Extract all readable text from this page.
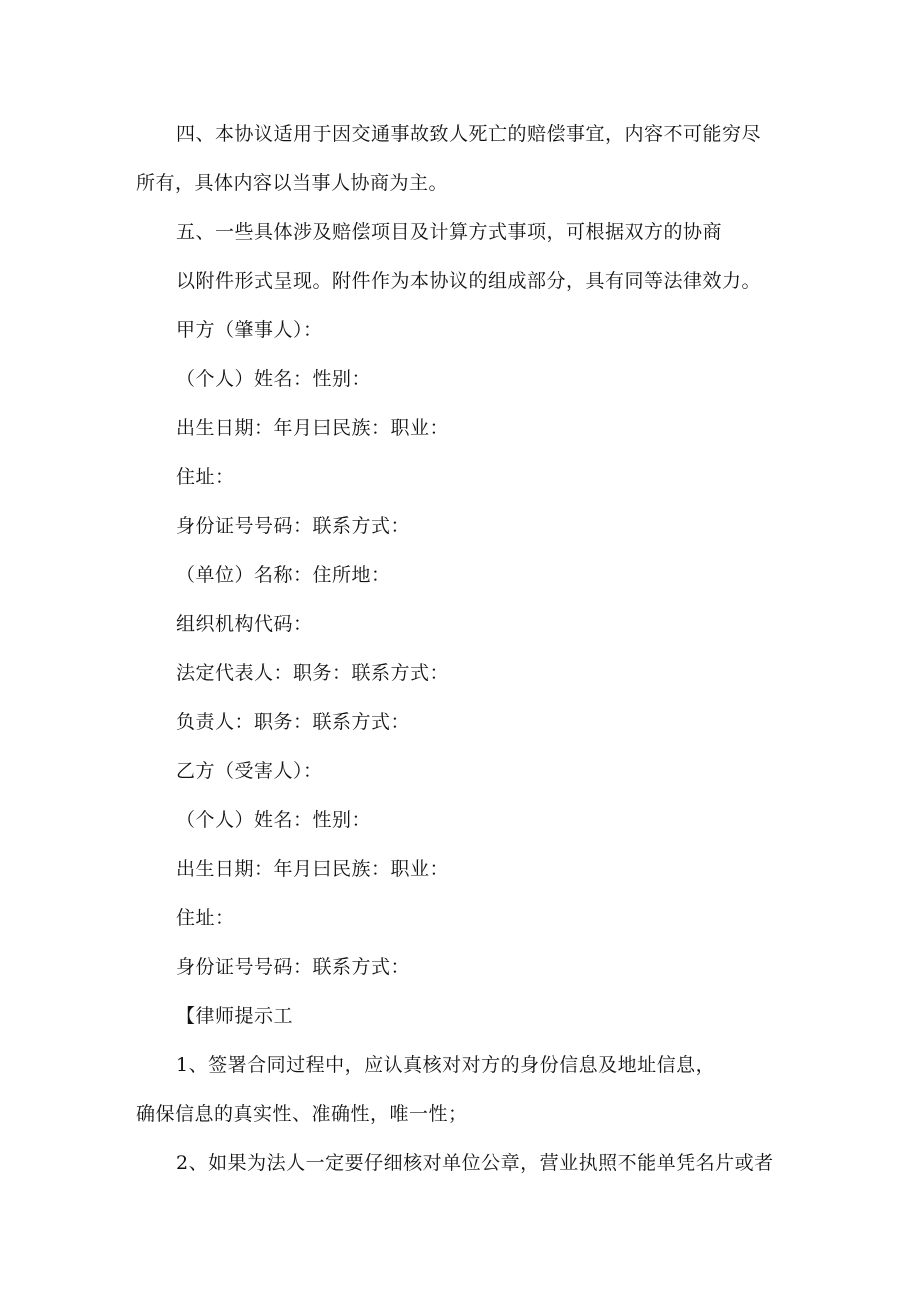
四、本协议适用于因交通事故致人死亡的赔偿事宜，内容不可能穷尽
所有，具体内容以当事人协商为主。
五、一些具体涉及赔偿项目及计算方式事项，可根据双方的协商
以附件形式呈现。附件作为本协议的组成部分，具有同等法律效力。
甲方（肇事人）：
（个人）姓名：性别：
出生日期：年月曰民族：职业：
住址：
身份证号号码：联系方式：
（单位）名称：住所地：
组织机构代码：
法定代表人：职务：联系方式：
负责人：职务：联系方式：
乙方（受害人）：
（个人）姓名：性别：
出生日期：年月曰民族：职业：
住址：
身份证号号码：联系方式：
【律师提示工
1、签署合同过程中，应认真核对对方的身份信息及地址信息，
确保信息的真实性、准确性，唯一性；
2、如果为法人一定要仔细核对单位公章，营业执照不能单凭名片或者
